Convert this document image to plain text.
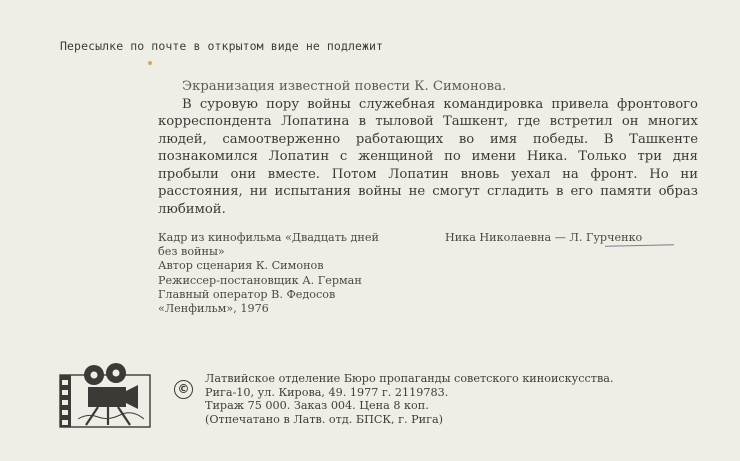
Пересылке по почте в открытом виде не подлежит
Экранизация известной повести К. Симонова.
В суровую пору войны служебная командировка привела фронтового корреспондента Лопатина в тыловой Ташкент, где встретил он многих людей, самоотверженно работающих во имя победы. В Ташкенте познакомился Лопатин с женщиной по имени Ника. Только три дня пробыли они вместе. Потом Лопатин вновь уехал на фронт. Но ни расстояния, ни испытания войны не смогут сгладить в его памяти образ любимой.
Кадр из кинофильма «Двадцать дней
без войны»
Автор сценария К. Симонов
Режиссер-постановщик А. Герман
Главный оператор В. Федосов
«Ленфильм», 1976
Ника Николаевна — Л. Гурченко
©
Латвийское отделение Бюро пропаганды советского киноискусства.
Рига-10, ул. Кирова, 49. 1977 г. 2119783.
Тираж 75 000. Заказ 004. Цена 8 коп.
(Отпечатано в Латв. отд. БПСК, г. Рига)
